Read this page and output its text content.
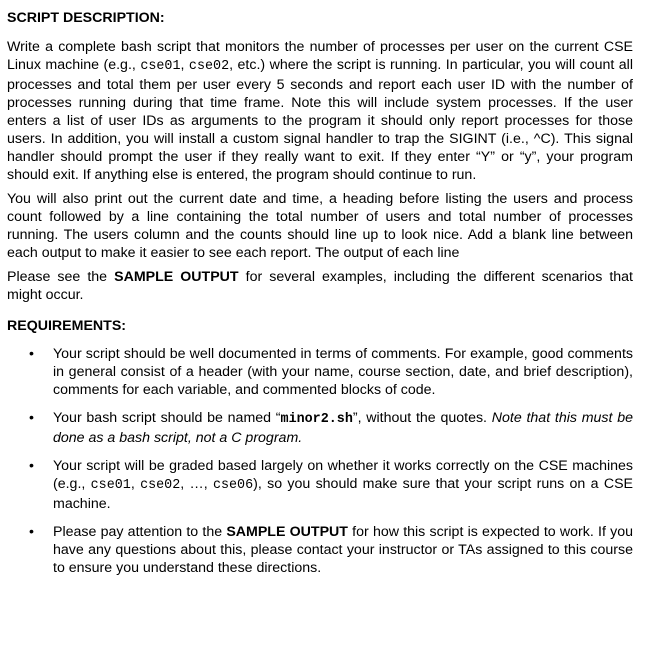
SCRIPT DESCRIPTION:

Write a complete bash script that monitors the number of processes per user on the current CSE Linux machine (e.g., cse01, cse02, etc.) where the script is running. In particular, you will count all processes and total them per user every 5 seconds and report each user ID with the number of processes running during that time frame. Note this will include system processes. If the user enters a list of user IDs as arguments to the program it should only report processes for those users. In addition, you will install a custom signal handler to trap the SIGINT (i.e., ^C). This signal handler should prompt the user if they really want to exit. If they enter “Y” or “y”, your program should exit. If anything else is entered, the program should continue to run.

You will also print out the current date and time, a heading before listing the users and process count followed by a line containing the total number of users and total number of processes running. The users column and the counts should line up to look nice. Add a blank line between each output to make it easier to see each report. The output of each line

Please see the SAMPLE OUTPUT for several examples, including the different scenarios that might occur.

REQUIREMENTS:
• Your script should be well documented in terms of comments. For example, good comments in general consist of a header (with your name, course section, date, and brief description), comments for each variable, and commented blocks of code.
• Your bash script should be named “minor2.sh”, without the quotes. Note that this must be done as a bash script, not a C program.
• Your script will be graded based largely on whether it works correctly on the CSE machines (e.g., cse01, cse02, …, cse06), so you should make sure that your script runs on a CSE machine.
• Please pay attention to the SAMPLE OUTPUT for how this script is expected to work. If you have any questions about this, please contact your instructor or TAs assigned to this course to ensure you understand these directions.
